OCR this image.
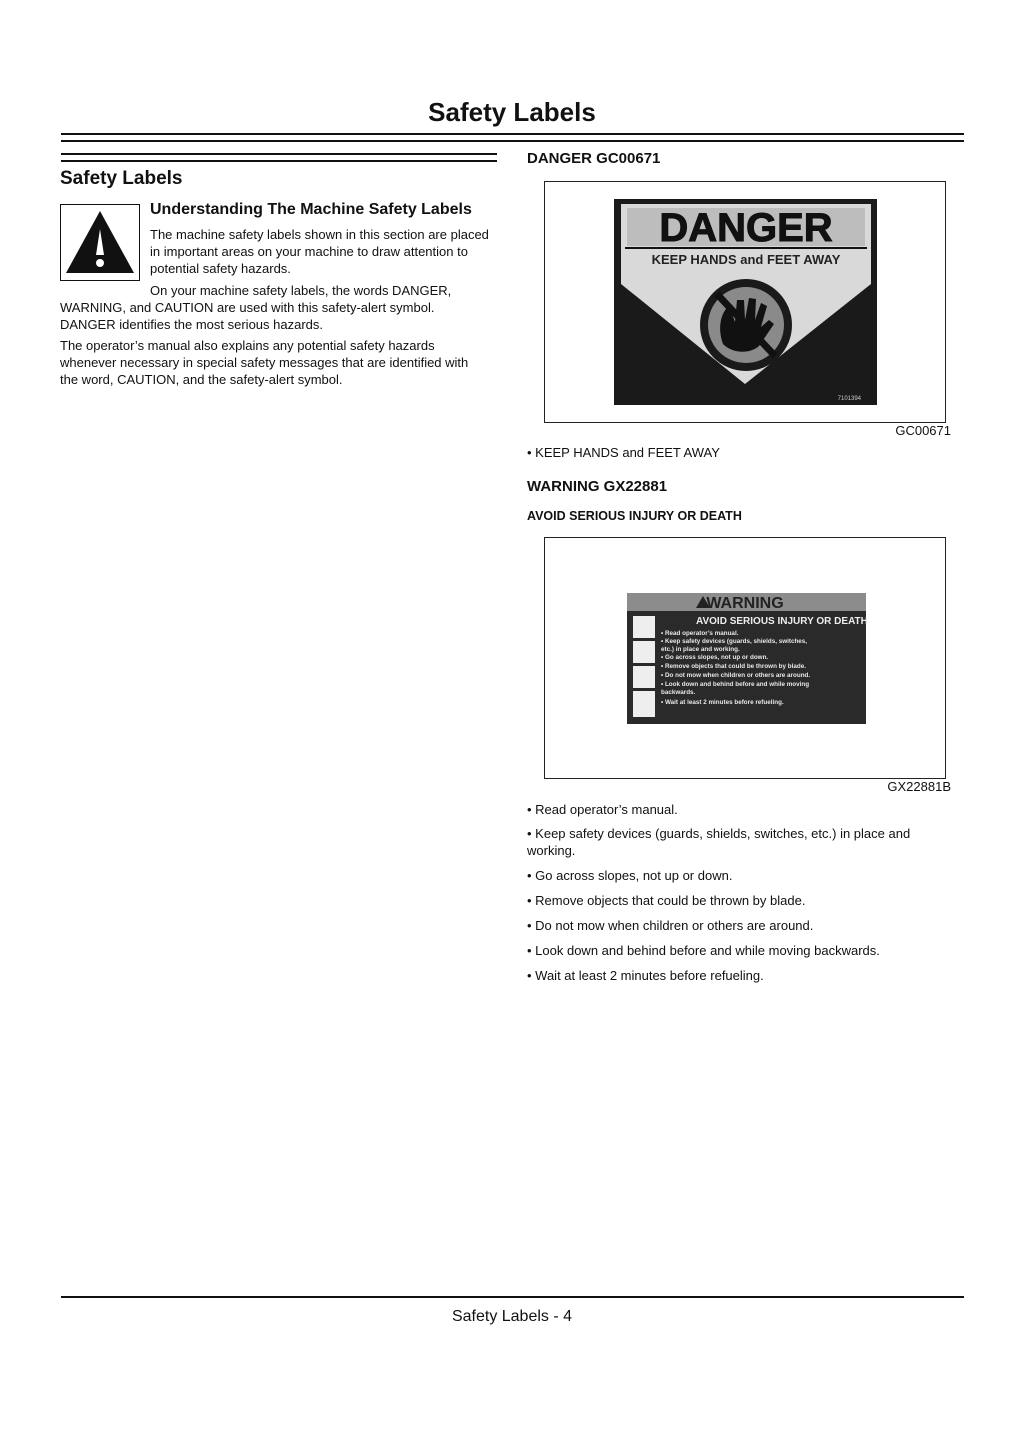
Safety Labels
Safety Labels
Understanding The Machine Safety Labels
The machine safety labels shown in this section are placed
in important areas on your machine to draw attention to
potential safety hazards.
On your machine safety labels, the words DANGER,
WARNING, and CAUTION are used with this safety-alert symbol.
DANGER identifies the most serious hazards.
The operator’s manual also explains any potential safety hazards
whenever necessary in special safety messages that are identified with
the word, CAUTION, and the safety-alert symbol.
DANGER GC00671
DANGER
KEEP HANDS and FEET AWAY
7101394
GC00671
• KEEP HANDS and FEET AWAY
WARNING GX22881
AVOID SERIOUS INJURY OR DEATH
WARNING
AVOID SERIOUS INJURY OR DEATH
• Read operator’s manual. • Keep safety devices (guards, shields, switches, etc.) in place and working. • Go across slopes, not up or down. • Remove objects that could be thrown by blade. • Do not mow when children or others are around. • Look down and behind before and while moving backwards. • Wait at least 2 minutes before refueling.
GX22881B
• Read operator’s manual.
• Keep safety devices (guards, shields, switches, etc.) in place and working.
• Go across slopes, not up or down.
• Remove objects that could be thrown by blade.
• Do not mow when children or others are around.
• Look down and behind before and while moving backwards.
• Wait at least 2 minutes before refueling.
Safety Labels - 4
